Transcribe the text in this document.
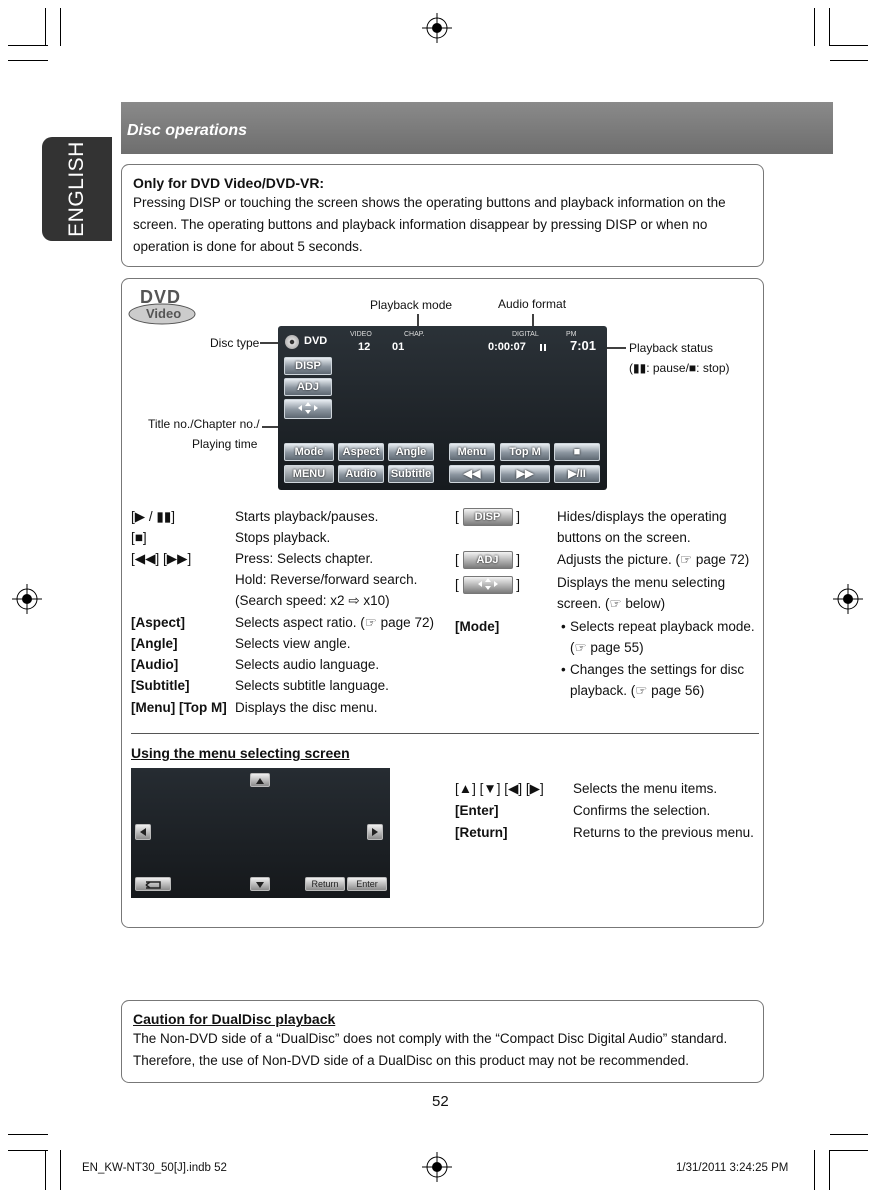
ENGLISH
Disc operations
Only for DVD Video/DVD-VR:
Pressing DISP or touching the screen shows the operating buttons and playback information on the screen. The operating buttons and playback information disappear by pressing DISP or when no operation is done for about 5 seconds.
DVD
Video
Playback mode	Audio format
Disc type	Playback status
(▮▮: pause/■: stop)
Title no./Chapter no./
Playing time
DVD
VIDEO	CHAP.	DIGITAL	PM
7:01
12 01	0:00:07
DISP
ADJ
Mode	Aspect	Angle	Menu	Top M	■
MENU	Audio	Subtitle	◀◀	▶▶	▶/II
[▶ / ▮▮]	Starts playback/pauses.
[■]	Stops playback.
[◀◀] [▶▶]	Press: Selects chapter.
Hold: Reverse/forward search.
(Search speed: x2 ⇨ x10)
[Aspect]	Selects aspect ratio. (☞ page 72)
[Angle]	Selects view angle.
[Audio]	Selects audio language.
[Subtitle]	Selects subtitle language.
[Menu] [Top M] Displays the disc menu.
[ DISP ]	Hides/displays the operating
buttons on the screen.
[ ADJ ]	Adjusts the picture. (☞ page 72)
[	]	Displays the menu selecting
screen. (☞ below)
[Mode]	• Selects repeat playback mode.
(☞ page 55)
• Changes the settings for disc
playback. (☞ page 56)
Using the menu selecting screen
Return	Enter
[▲] [▼] [◀] [▶] Selects the menu items.
[Enter]	Confirms the selection.
[Return]	Returns to the previous menu.
Caution for DualDisc playback
The Non-DVD side of a “DualDisc” does not comply with the “Compact Disc Digital Audio” standard. Therefore, the use of Non-DVD side of a DualDisc on this product may not be recommended.
52
EN_KW-NT30_50[J].indb 52	1/31/2011 3:24:25 PM
